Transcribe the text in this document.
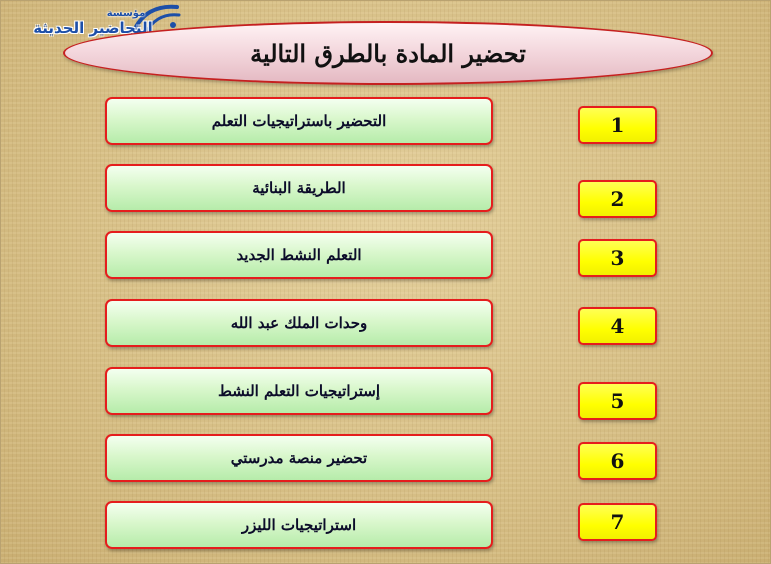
مؤسسة
التحاضير الحديثة
تحضير المادة بالطرق التالية
التحضير باستراتيجيات التعلم	1
الطريقة البنائية	2
التعلم النشط الجديد	3
وحدات الملك عبد الله	4
إستراتيجيات التعلم النشط	5
تحضير منصة مدرستي	6
استراتيجيات الليزر	7
